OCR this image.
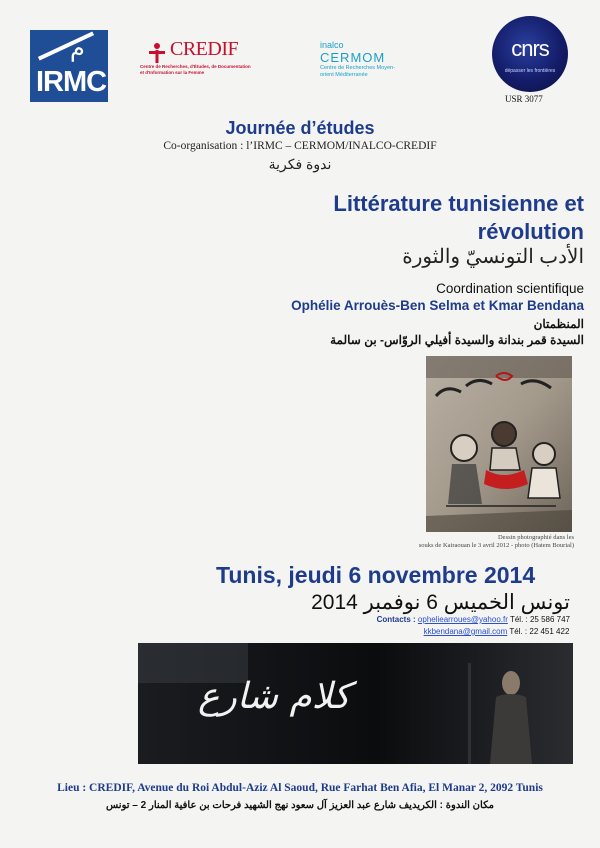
م
IRMC
CREDIF
Centre de Recherches, d'Études, de Documentation et d'Information sur la Femme
inalco
CERMOM
Centre de Recherches Moyen-orient Méditerranée
cnrs
dépasser les frontières
USR 3077
Journée d’études
Co-organisation : l’IRMC – CERMOM/INALCO-CREDIF
ندوة فكرية
Littérature tunisienne et révolution
الأدب التونسيّ والثورة
Coordination scientifique
Ophélie Arrouès-Ben Selma et Kmar Bendana
المنظمتان
السيدة قمر بندانة والسيدة أفيلي الروّاس- بن سالمة
Dessin photographié dans les
souks de Kairaouan le 3 avril 2012 - photo (Hatem Bourial)
Tunis, jeudi 6 novembre 2014
تونس الخميس 6 نوفمبر 2014
Contacts : opheliearroues@yahoo.fr Tél. : 25 586 747
kkbendana@gmail.com Tél. : 22 451 422
كلام شارع
Lieu : CREDIF, Avenue du Roi Abdul-Aziz Al Saoud, Rue Farhat Ben Afia, El Manar 2, 2092 Tunis
مكان الندوة : الكريديف شارع عبد العزيز آل سعود نهج الشهيد فرحات بن عافية المنار 2 – تونس
